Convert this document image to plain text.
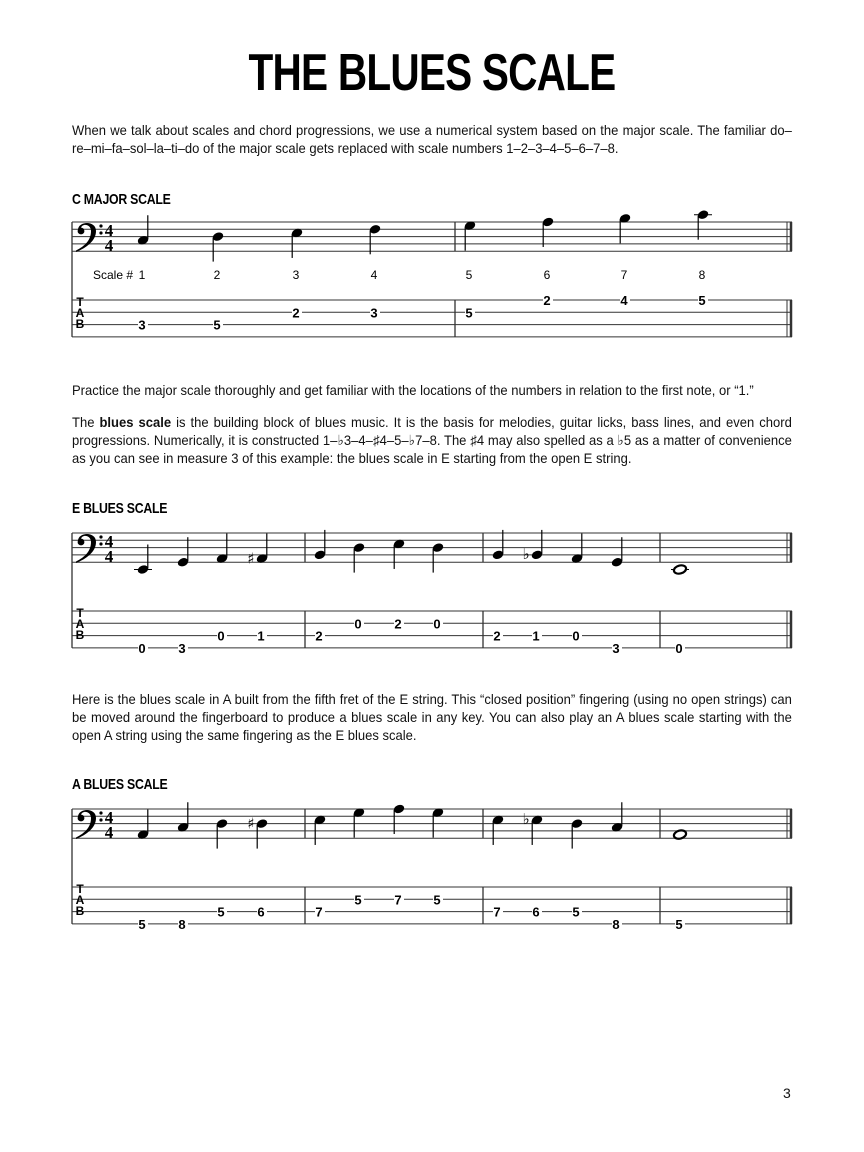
THE BLUES SCALE
When we talk about scales and chord progressions, we use a numerical system based on the major scale. The familiar do–re–mi–fa–sol–la–ti–do of the major scale gets replaced with scale numbers 1–2–3–4–5–6–7–8.
C MAJOR SCALE
4
4
T
A
B
Scale # 1
3
2
5
3
2
4
3
5
5
6
2
7
4
8
5
Practice the major scale thoroughly and get familiar with the locations of the numbers in relation to the first note, or “1.”
The blues scale is the building block of blues music. It is the basis for melodies, guitar licks, bass lines, and even chord progressions. Numerically, it is constructed 1–♭3–4–♯4–5–♭7–8. The ♯4 may also spelled as a ♭5 as a matter of convenience as you can see in measure 3 of this example: the blues scale in E starting from the open E string.
E BLUES SCALE
4
4
T
A
B
0	3
0
♯
1	2
0	2 0
2
♭
1	0
3	0
Here is the blues scale in A built from the fifth fret of the E string. This “closed position” fingering (using no open strings) can be moved around the fingerboard to produce a blues scale in any key. You can also play an A blues scale starting with the open A string using the same fingering as the E blues scale.
A BLUES SCALE
4
4
T
A
B
5	8
5
♯
6	7
5	7 5
7
♭
6	5
8	5
3
